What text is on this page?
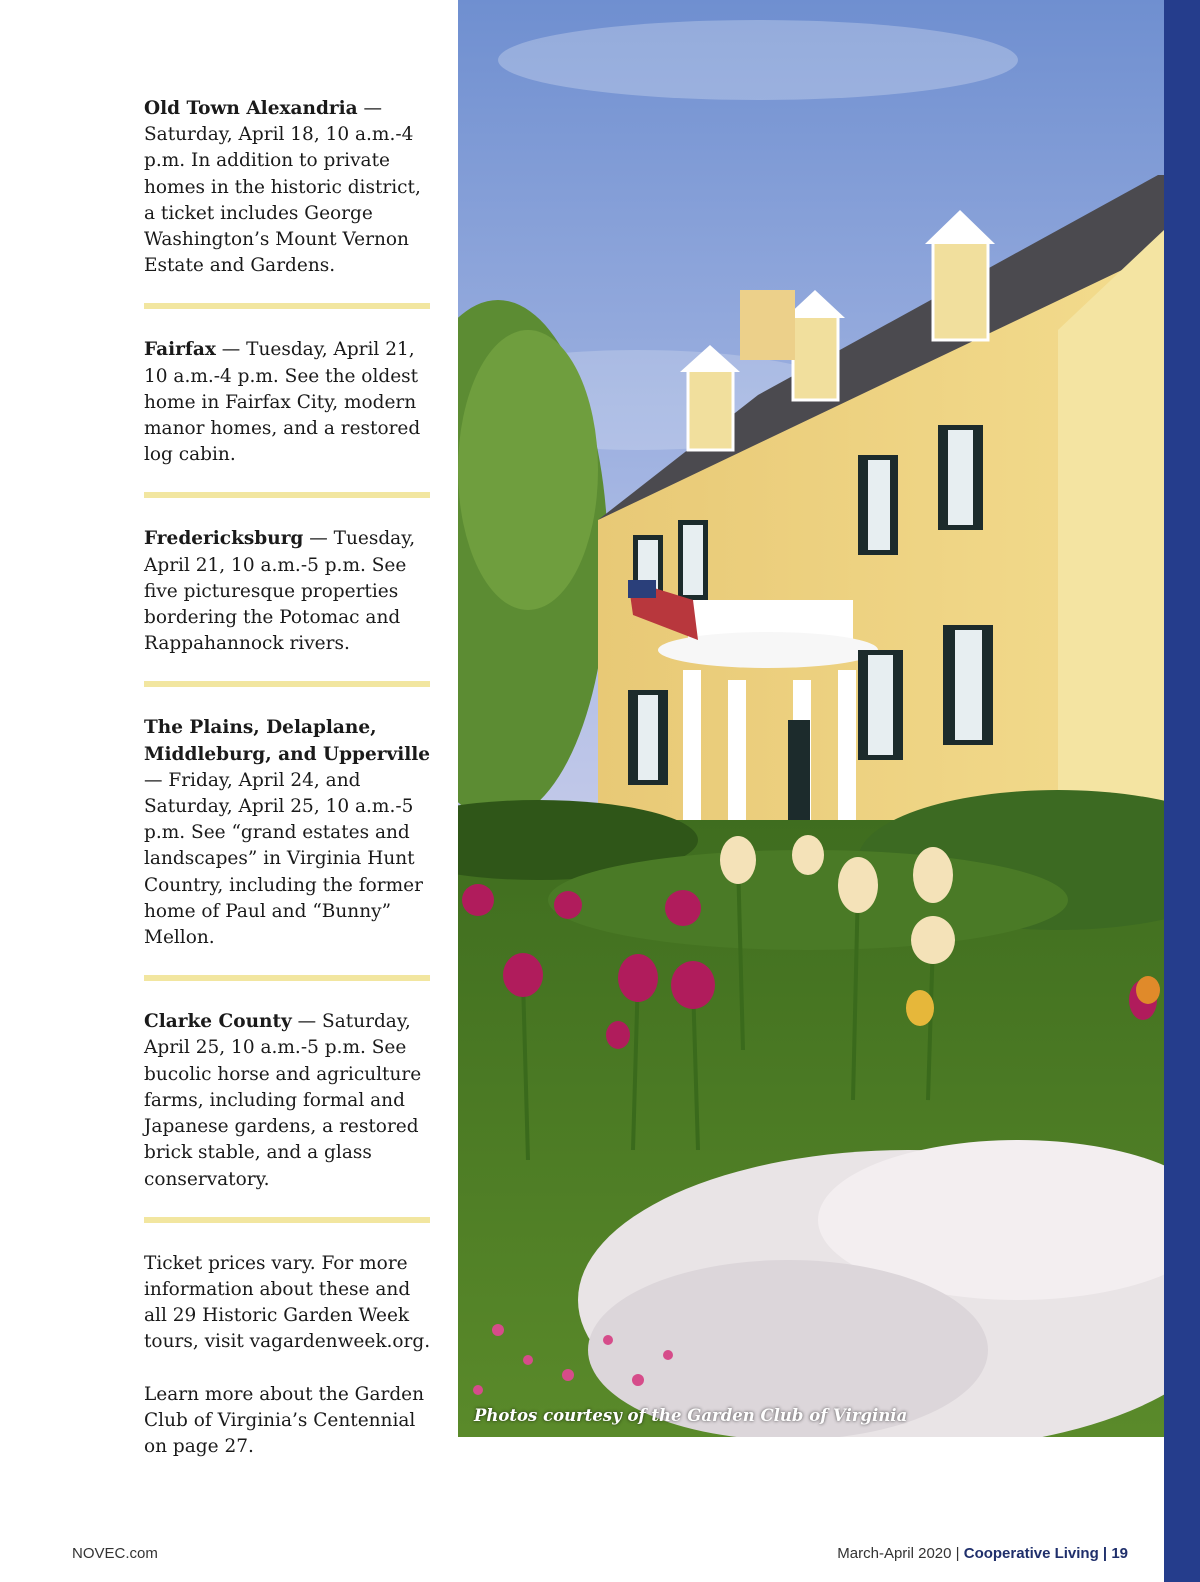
Old Town Alexandria — Saturday, April 18, 10 a.m.-4 p.m. In addition to private homes in the historic district, a ticket includes George Washington’s Mount Vernon Estate and Gardens.

Fairfax — Tuesday, April 21, 10 a.m.-4 p.m. See the oldest home in Fairfax City, modern manor homes, and a restored log cabin.

Fredericksburg — Tuesday, April 21, 10 a.m.-5 p.m. See five picturesque properties bordering the Potomac and Rappahannock rivers.

The Plains, Delaplane, Middleburg, and Upperville — Friday, April 24, and Saturday, April 25, 10 a.m.-5 p.m. See “grand estates and landscapes” in Virginia Hunt Country, including the former home of Paul and “Bunny” Mellon.

Clarke County — Saturday, April 25, 10 a.m.-5 p.m. See bucolic horse and agriculture farms, including formal and Japanese gardens, a restored brick stable, and a glass conservatory.

Ticket prices vary. For more information about these and all 29 Historic Garden Week tours, visit vagardenweek.org.

Learn more about the Garden Club of Virginia’s Centennial on page 27.

Photos courtesy of the Garden Club of Virginia
NOVEC.com	March-April 2020 | Cooperative Living | 19
